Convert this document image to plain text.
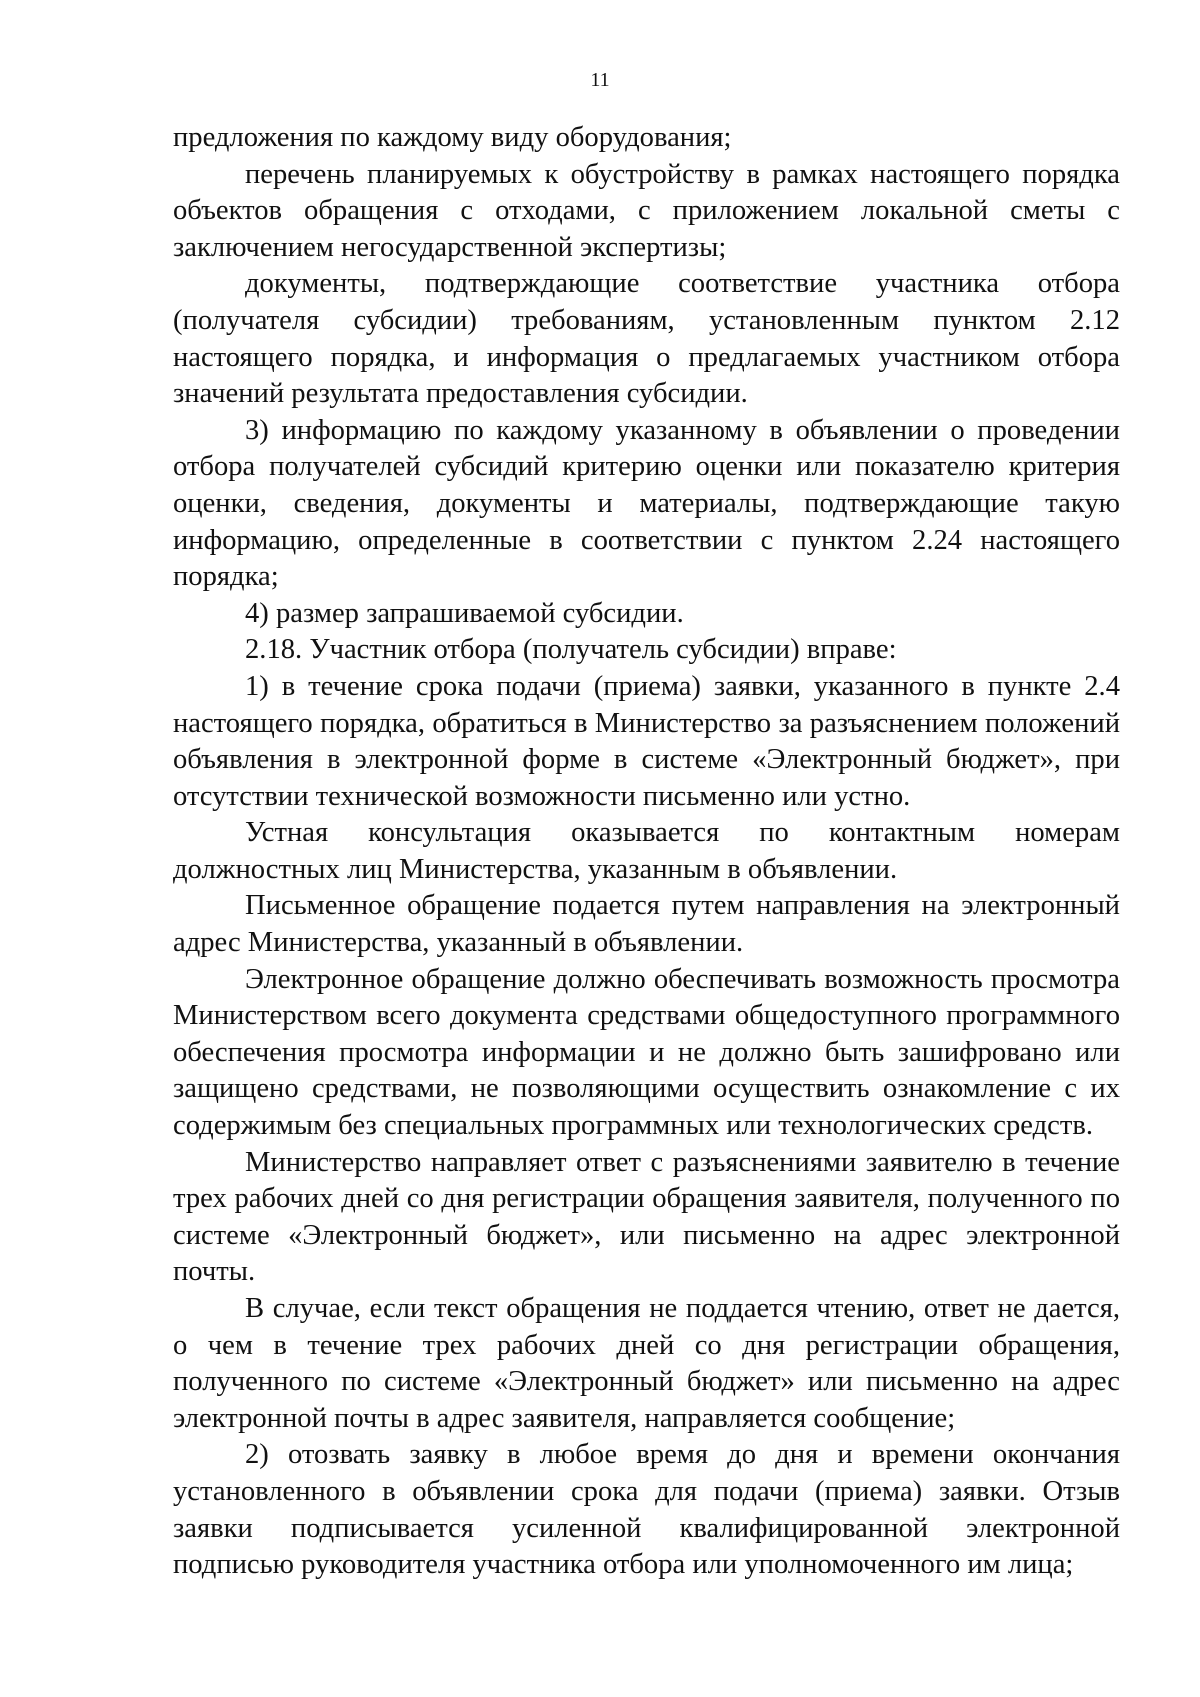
11

предложения по каждому виду оборудования;

перечень планируемых к обустройству в рамках настоящего порядка объектов обращения с отходами, с приложением локальной сметы с заключением негосударственной экспертизы;

документы, подтверждающие соответствие участника отбора (получателя субсидии) требованиям, установленным пунктом 2.12 настоящего порядка, и информация о предлагаемых участником отбора значений результата предоставления субсидии.

3) информацию по каждому указанному в объявлении о проведении отбора получателей субсидий критерию оценки или показателю критерия оценки, сведения, документы и материалы, подтверждающие такую информацию, определенные в соответствии с пунктом 2.24 настоящего порядка;

4) размер запрашиваемой субсидии.

2.18. Участник отбора (получатель субсидии) вправе:

1) в течение срока подачи (приема) заявки, указанного в пункте 2.4 настоящего порядка, обратиться в Министерство за разъяснением положений объявления в электронной форме в системе «Электронный бюджет», при отсутствии технической возможности письменно или устно.

Устная консультация оказывается по контактным номерам должностных лиц Министерства, указанным в объявлении.

Письменное обращение подается путем направления на электронный адрес Министерства, указанный в объявлении.

Электронное обращение должно обеспечивать возможность просмотра Министерством всего документа средствами общедоступного программного обеспечения просмотра информации и не должно быть зашифровано или защищено средствами, не позволяющими осуществить ознакомление с их содержимым без специальных программных или технологических средств.

Министерство направляет ответ с разъяснениями заявителю в течение трех рабочих дней со дня регистрации обращения заявителя, полученного по системе «Электронный бюджет», или письменно на адрес электронной почты.

В случае, если текст обращения не поддается чтению, ответ не дается, о чем в течение трех рабочих дней со дня регистрации обращения, полученного по системе «Электронный бюджет» или письменно на адрес электронной почты в адрес заявителя, направляется сообщение;

2) отозвать заявку в любое время до дня и времени окончания установленного в объявлении срока для подачи (приема) заявки. Отзыв заявки подписывается усиленной квалифицированной электронной подписью руководителя участника отбора или уполномоченного им лица;
